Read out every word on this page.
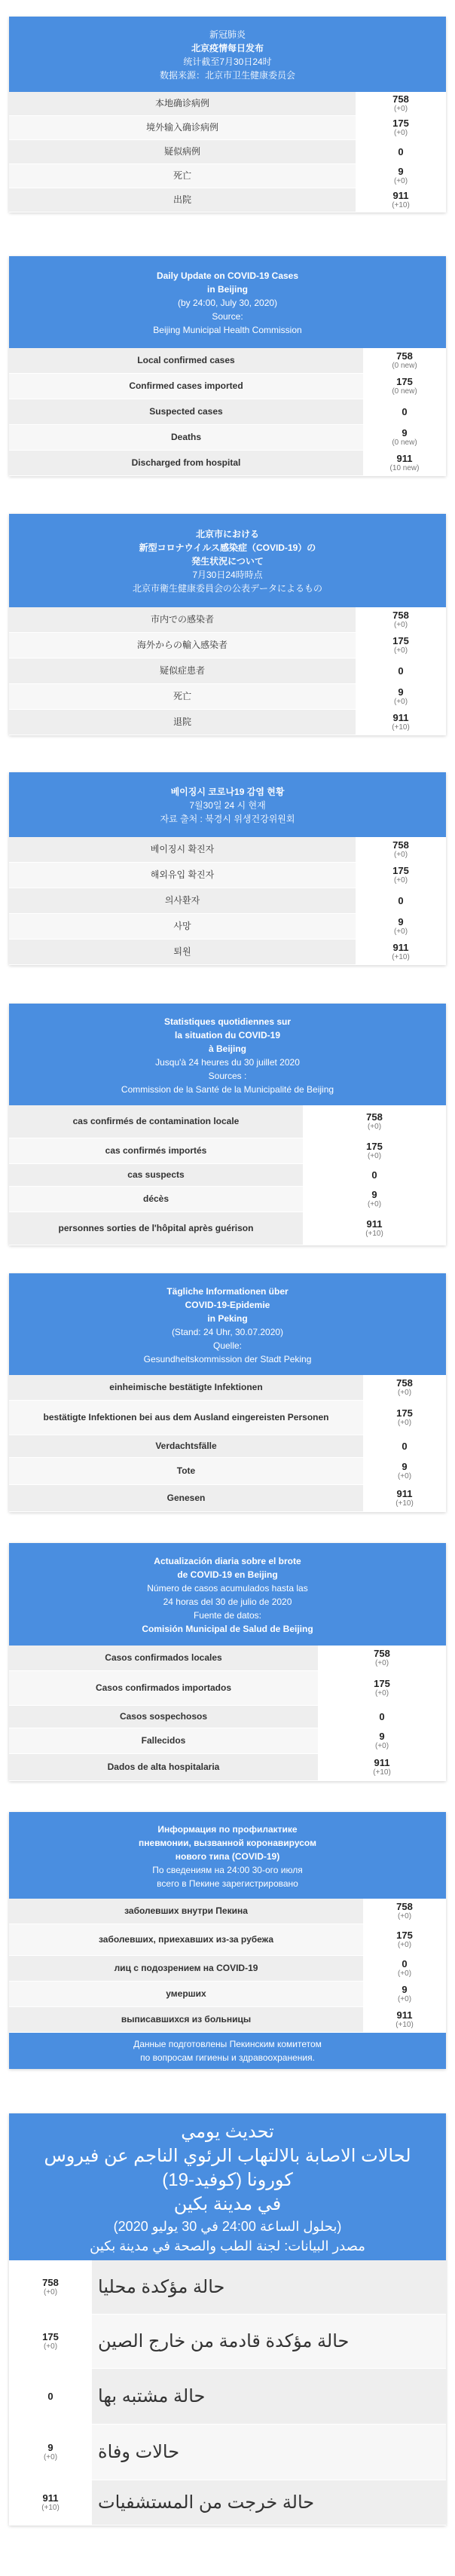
新冠肺炎
北京疫情每日发布
统计截至7月30日24时
数据来源：北京市卫生健康委员会
本地确诊病例	758
(+0)
境外输入确诊病例	175
(+0)
疑似病例	0
死亡	9
(+0)
出院	911
(+10)
Daily Update on COVID-19 Cases
in Beijing
(by 24:00, July 30, 2020)
Source:
Beijing Municipal Health Commission
Local confirmed cases	758
(0 new)
Confirmed cases imported	175
(0 new)
Suspected cases	0
Deaths	9
(0 new)
Discharged from hospital	911
(10 new)
北京市における
新型コロナウイルス感染症（COVID-19）の
発生状況について
7月30日24時時点
北京市衛生健康委員会の公表データによるもの
市内での感染者	758
(+0)
海外からの輸入感染者	175
(+0)
疑似症患者	0
死亡	9
(+0)
退院	911
(+10)
베이징시 코로나19 감염 현황
7월30일 24 시 현재
자료 출처 : 북경시 위생건강위원회
베이징시 확진자	758
(+0)
해외유입 확진자	175
(+0)
의사환자	0
사망	9
(+0)
퇴원	911
(+10)
Statistiques quotidiennes sur
la situation du COVID-19
à Beijing
Jusqu'à 24 heures du 30 juillet 2020
Sources :
Commission de la Santé de la Municipalité de Beijing
cas confirmés de contamination locale	758
(+0)
cas confirmés importés	175
(+0)
cas suspects	0
décès	9
(+0)
personnes sorties de l'hôpital après guérison	911
(+10)
Tägliche Informationen über
COVID-19-Epidemie
in Peking
(Stand: 24 Uhr, 30.07.2020)
Quelle:
Gesundheitskommission der Stadt Peking
einheimische bestätigte Infektionen	758
(+0)
bestätigte Infektionen bei aus dem Ausland eingereisten Personen	175
(+0)
Verdachtsfälle	0
Tote	9
(+0)
Genesen	911
(+10)
Actualización diaria sobre el brote
de COVID-19 en Beijing
Número de casos acumulados hasta las
24 horas del 30 de julio de 2020
Fuente de datos:
Comisión Municipal de Salud de Beijing
Casos confirmados locales	758
(+0)
Casos confirmados importados	175
(+0)
Casos sospechosos	0
Fallecidos	9
(+0)
Dados de alta hospitalaria	911
(+10)
Информация по профилактике
пневмонии, вызванной коронавирусом
нового типа (COVID-19)
По сведениям на 24:00 30-ого июля
всего в Пекине зарегистрировано
заболевших внутри Пекина	758
(+0)
заболевших, приехавших из-за рубежа	175
(+0)
лиц с подозрением на COVID-19	0
(+0)
умерших	9
(+0)
выписавшихся из больницы	911
(+10)
Данные подготовлены Пекинским комитетом
по вопросам гигиены и здравоохранения.
تحديث يومي
لحالات الاصابة بالالتهاب الرئوي الناجم عن فيروس كورونا (كوفيد-19)
في مدينة بكين
(بحلول الساعة 24:00 في 30 يوليو 2020)
مصدر البيانات: لجنة الطب والصحة في مدينة بكين
حالة مؤكدة محليا
758
(+0)
حالة مؤكدة قادمة من خارج الصين
175
(+0)
حالة مشتبه بها
0
حالات وفاة
9
(+0)
حالة خرجت من المستشفيات
911
(+10)
